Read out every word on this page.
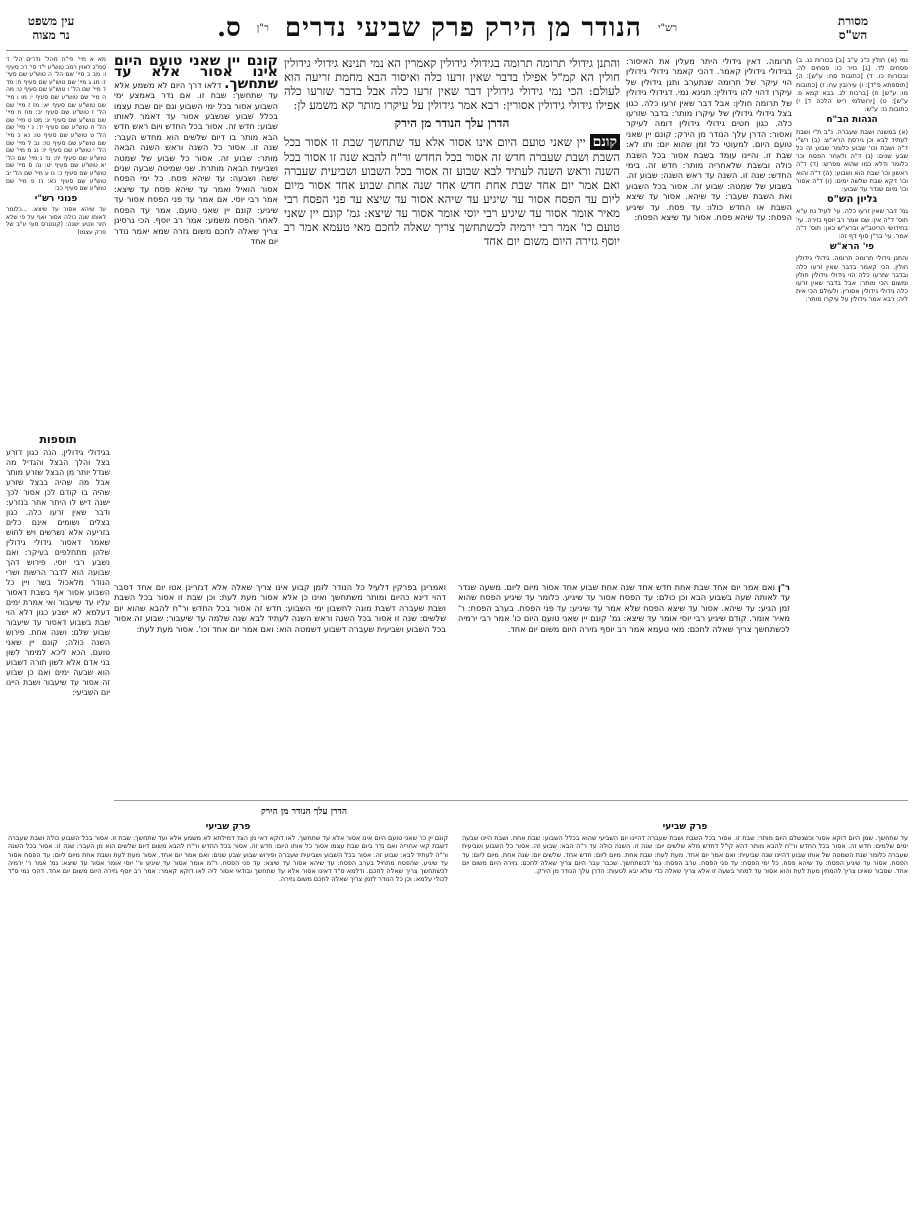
מסורת
הש"ס
רש"י
הנודר מן הירק פרק שביעי נדרים
ר"ן
ס.
עין משפט
נר מצוה

נמי (א) חולין כ"ג ע"ב [ב] בכורות נג. ב) פסחים לד. [ג] נזיר כו: פסחים לה. ובכורות כו. ד) [כתובות סח: ע"ש]: ה) [תוספתא פ"ד]: ו) עירובין עח: ז) [כתובות מו: ע"ש] ח) [ברכות לג. בבא קמא פ. ע"ש]: ט) [ירושלמי ריש הלכה ד] י) כתובות נז: ע"ש:

הגהות הב"ח

(א) במשנה ושבת שעברה. נ"ב ת"י ושבת לעתיד לבא וכן גירסת הרא"ש: (ב) רש"י ד"ה ושבת וכו' שבוע כלומר שבוע זה כל שבע שנים: (ג) ד"ה ולאחר הפסח וכו' כלומר ודלא כמו שהוא מפרש: (ד) ד"ה ראשון וכו' שבת הוא ושבוע: (ה) ד"ה והוא וכו' דקא שבת שלשה ימים: (ו) ד"ה אסור וכו' מיום שנדר עד שבוע:

גליון הש"ס

גמ' דבר שאין זרעו כלה. עי' לעיל נח ע"א תוס' ד"ה אין: שם אמר רב יוסף גזירה. עי' בחידושי הריטב"א וברא"ש כאן: תוס' ד"ה אמר. עי' בר"ן סוף דף זה:

פי' הרא"ש

והתנן גידולי תרומה תרומה. גידולי גידולין חולין. הכי קאמר בדבר שאין זרעו כלה ובדבר שזרעו כלה הוי גידולי גידולין חולין ומשום הכי מותר: אבל בדבר שאין זרעו כלה גידולי גידולין אסורין. ולעולם הכי אית ליה: רבא אמר גידולין על עיקרו מותר:

מא א מיי' פי"ח מהל' נדרים הל' ד סמ"ג לאוין רמב טוש"ע י"ד סי' רכ סעיף ו: מב ב מיי' שם הל' ה טוש"ע שם סעי' ז: מג ג מיי' שם טוש"ע שם סעיף ח: מד ד מיי' שם הל' ו טוש"ע שם סעיף ט: מה ה מיי' שם טוש"ע שם סעיף י: מו ו מיי' שם טוש"ע שם סעיף יא: מז ז מיי' שם הל' ז טוש"ע שם סעיף יב: מח ח מיי' שם טוש"ע שם סעיף יג: מט ט מיי' שם הל' ח טוש"ע שם סעיף יד: נ י מיי' שם הל' ט טוש"ע שם סעיף טו: נא כ מיי' שם טוש"ע שם סעיף טז: נב ל מיי' שם הל' י טוש"ע שם סעיף יז: נג מ מיי' שם טוש"ע שם סעיף יח: נד נ מיי' שם הל' יא טוש"ע שם סעיף יט: נה ס מיי' שם טוש"ע שם סעיף כ: נו ע מיי' שם הל' יב טוש"ע שם סעיף כא: נז פ מיי' שם טוש"ע שם סעיף כב:

פנוני רש"י

עד שיהא אסור עד שיצא. ...כלומר לאותו שנה כולה אסור ואף על פי שלא חזר ונטע ישנה: (קונטרס סוף ע"ב של פרק עצמו)

תוספות

בגידולי גידולין. הנה כגון דזרע בצל והלך הבצל והגדיל מה שגדל יותר מן הבצל שזרע מותר אבל מה שהיה בבצל שזרע שהיה בו קודם לכן אסור לכך ישנה דיש לו היתר אחר בנזרע: ודבר שאין זרעו כלה. כגון בצלים ושומים אינם כלים בזריעה אלא נשרשים ויש לחוש שאמר דאסור גידולי גידולין שלהן מתחלפים בעיקר: ואם נשבע רבי יוסי. פירוש דהך שבועה הוא לדבר הרשות ושרי הנודר מלאכול בשר ויין כל השבוע אסור אף בשבת דאסור עליו עד שיעבור ואי אמרת ימים דעלמא לא ישבע כגון דלא הוי שבת בשבוע דאסור עד שיעבור שבוע שלם: ושנה אחת. פירוש השנה כולה: קונם יין שאני טועם. הכא ליכא למימר לשון בני אדם אלא לשון תורה דשבוע הוא שבעה ימים ואם כן שבוע זה אסור עד שיעבור ושבת היינו יום השביעי:

תרומה. דאין גידולי היתר מעלין את האיסור: בגידולי גידולין קאמר. דהכי קאמר גידולי גידולין הוי עיקר של תרומה שנתערב ותנן גידולין של עיקרו דהוי להו גידולין: תנינא נמי. דגידולי גידולין של תרומה חולין: אבל דבר שאין זרעו כלה. כגון בצל גידולי גידולין של עיקרו מותר: בדבר שזרעו כלה. כגון חטים גידולי גידולין דומה לעיקר ואסור: הדרן עלך הנודר מן הירק: קונם יין שאני טועם היום. למעוטי כל זמן שהוא יום: ותו לא: שבת זו. והיינו עומד בשבת אסור בכל השבת כולה ובשבת שלאחריה מותר: חדש זה. בימי החדש: שנה זו. השנה עד ראש השנה: שבוע זה. בשבוע של שמטה: שבוע זה. אסור בכל השבוע ואת השבת שעבר: עד שיהא. אסור עד שיצא השבת או החדש כולו: עד פסח. עד שיגיע הפסח: עד שיהא פסח. אסור עד שיצא הפסח:

קונם יין שאני טועם היום אינו אסור אלא עד שתחשך. דלאו דרך היום לא משמע אלא עד שתחשך: שבת זו. אם נדר באמצע ימי השבוע אסור בכל ימי השבוע וגם יום שבת עצמו בכלל שבוע שנשבע אסור עד דאמר לאותו שבוע: חדש זה. אסור בכל החדש ויום ראש חדש הבא מותר בו דיום שלשים הוא מחדש העבר: שנה זו. אסור כל השנה וראש השנה הבאה מותר: שבוע זה. אסור כל שבוע של שמטה ושביעית הבאה מותרת. שני שמיטה שבעה שנים ששה ושבעה: עד שיהא פסח. כל ימי הפסח אסור הואיל ואמר עד שיהא פסח עד שיצא: אמר רבי יוסי. אם אמר עד פני הפסח אסור עד שיגיע: קונם יין שאני טועם. אמר עד הפסח לאחר הפסח משמע: אמר רב יוסף. הכי גרסינן צריך שאלה לחכם משום גזרה שמא יאמר נודר יום אחד

והתנן גידולי תרומה תרומה בגידולי גידולין קאמרין הא נמי תנינא גידולי גידולין חולין הא קמ"ל אפילו בדבר שאין זרעו כלה ואיסור הבא מחמת זריעה הוא לעולם: הכי נמי גידולי גידולין דבר שאין זרעו כלה אבל בדבר שזרעו כלה אפילו גידולי גידולין אסורין: רבא אמר גידולין על עיקרו מותר קא משמע לן:

הדרן עלך הנודר מן הירק

קונםיין שאני טועם היום אינו אסור אלא עד שתחשך שבת זו אסור בכל השבת ושבת שעברה חדש זה אסור בכל החדש ור"ח להבא שנה זו אסור בכל השנה וראש השנה לעתיד לבא שבוע זה אסור בכל השבוע ושביעית שעברה ואם אמר יום אחד שבת אחת חדש אחד שנה אחת שבוע אחד אסור מיום ליום עד הפסח אסור עד שיגיע עד שיהא אסור עד שיצא עד פני הפסח רבי מאיר אומר אסור עד שיגיע רבי יוסי אומר אסור עד שיצא: גמ' קונם יין שאני טועם כו' אמר רבי ירמיה לכשתחשך צריך שאלה לחכם מאי טעמא אמר רב יוסף גזירה היום משום יום אחד

ר"ן ואם אמר יום אחד שבת אחת חדש אחד שנה אחת שבוע אחד אסור מיום ליום. משעה שנדר עד לאותה שעה בשבוע הבא וכן כולם: עד הפסח אסור עד שיגיע. כלומר עד שיגיע הפסח שהוא זמן הגיע: עד שיהא. אסור עד שיצא הפסח שלא אמר עד שיגיע: עד פני הפסח. בערב הפסח: ר' מאיר אומר. קודם שיגיע רבי יוסי אומר עד שיצא: גמ' קונם יין שאני טועם היום כו' אמר רבי ירמיה לכשתחשך צריך שאלה לחכם: מאי טעמא אמר רב יוסף גזירה היום משום יום אחד.

ואמרינן בפרקין דלעיל כל הנודר לזמן קבוע אינו צריך שאלה אלא דגזרינן אטו יום אחד דסבר דהוי דינא כהיום ומותר משתחשך ואינו כן אלא אסור מעת לעת: וכן שבת זו אסור בכל השבת ושבת שעברה דשבת מונה לחשבון ימי השבוע: חדש זה אסור בכל החדש ור"ח להבא שהוא יום שלשים: שנה זו אסור בכל השנה וראש השנה לעתיד לבא שנה שלמה עד שיעבור: שבוע זה אסור בכל השבוע ושביעית שעברה דשבוע דשמטה הוא: ואם אמר יום אחד וכו'. אסור מעת לעת:

הדרן עלך הנודר מן הירק
פרק שביעי

קונם יין כו' שאני טועם היום אינו אסור אלא עד שתחשך. לאו דוקא דאי מן הצד דמילתא לא משמע אלא ועד שתחשך: שבת זו. אסור בכל השבוע כולה ושבת שעברה דשבת קאי אחריה ואם נדר ביום שבת עצמו אסור כל אותו היום: חדש זה. אסור בכל החדש ור"ח להבא משום דיום שלשים הוא מן העבר: שנה זו. אסור בכל השנה ור"ה לעתיד לבא: שבוע זה. אסור בכל השבוע ושביעית שעברה ופירוש שבוע שבע שנים: ואם אמר יום אחד. אסור מעת לעת ושבת אחת מיום ליום: עד הפסח אסור עד שיגיע. שהפסח מתחיל בערב הפסח: עד שיהא אסור עד שיצא: עד פני הפסח. ר"מ אומר אסור עד שיגיע ור' יוסי אומר אסור עד שיצא: גמ' אמר ר' ירמיה לכשתחשך צריך שאלה לחכם. ודלמא ס"ד דאינו אסור אלא עד שתחשך ובודאי אסור ליה לאו דוקא קאמר: אמר רב יוסף גזירה היום משום יום אחד. דהכי נמי ס"ד לכולי עלמא: וכן כל הנודר לזמן צריך שאלה לחכם משום גזירה.

פרק שביעי

עד שתחשך. שמן היום דוקא אסור וכשנשלם היום מותר: שבת זו. אסור בכל השבת ושבת שעברה דהיינו יום השביעי שהוא בכלל השבוע: שבת אחת. ושבת היינו שבעה ימים שלמים: חדש זה. אסור בכל החדש ור"ח להבא מותר דהא קי"ל דחדש מלא שלשים יום: שנה זו. השנה כולה עד ר"ה הבא: שבוע זה. אסור כל השבוע ושביעית שעברה כלומר שנת השמטה של אותו שבוע דהיינו שנה שביעית: ואם אמר יום אחד. מעת לעת: שבת אחת. מיום ליום: חדש אחד. שלשים יום: שנה אחת. מיום ליום: עד הפסח. אסור עד שיגיע הפסח: עד שיהא פסח. כל ימי הפסח: עד פני הפסח. ערב הפסח: גמ' לכשתחשך. שכבר עבר היום צריך שאלה לחכם: גזירה היום משום יום אחד. שסבור שאינו צריך להמתין מעת לעת והוא אסור עד למחר בשעה זו אלא צריך שאלה כדי שלא יבא לטעות: הדרן עלך הנודר מן הירק.
